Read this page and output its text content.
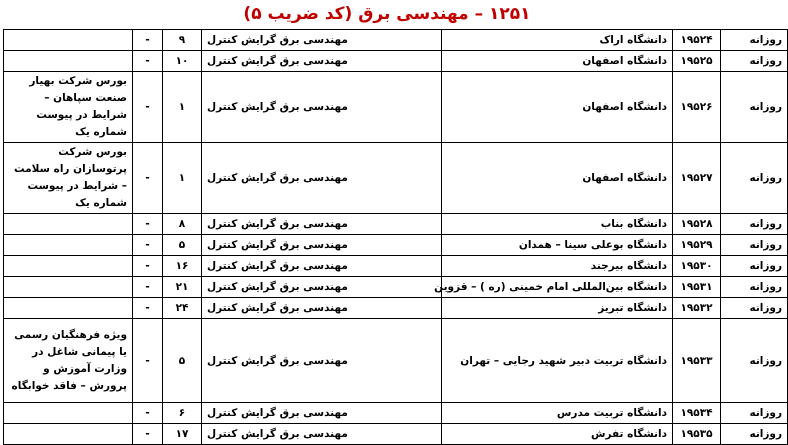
۱۲۵۱ – مهندسی برق (کد ضریب ۵)
روزانه	۱۹۵۲۴	دانشگاه اراک	مهندسی برق گرایش کنترل	۹	-	
روزانه	۱۹۵۲۵	دانشگاه اصفهان	مهندسی برق گرایش کنترل	۱۰	-	
روزانه	۱۹۵۲۶	دانشگاه اصفهان	مهندسی برق گرایش کنترل	۱	-	بورس شرکت بهیار صنعت سپاهان – شرایط در پیوست شماره یک
روزانه	۱۹۵۲۷	دانشگاه اصفهان	مهندسی برق گرایش کنترل	۱	-	بورس شرکت پرتوسازان راه سلامت – شرایط در پیوست شماره یک
روزانه	۱۹۵۲۸	دانشگاه بناب	مهندسی برق گرایش کنترل	۸	-	
روزانه	۱۹۵۲۹	دانشگاه بوعلی سینا – همدان	مهندسی برق گرایش کنترل	۵	-	
روزانه	۱۹۵۳۰	دانشگاه بیرجند	مهندسی برق گرایش کنترل	۱۶	-	
روزانه	۱۹۵۳۱	دانشگاه بین‌المللی امام خمینی (ره ) – قزوین	مهندسی برق گرایش کنترل	۲۱	-	
روزانه	۱۹۵۳۲	دانشگاه تبریز	مهندسی برق گرایش کنترل	۲۴	-	
روزانه	۱۹۵۳۳	دانشگاه تربیت دبیر شهید رجایی – تهران	مهندسی برق گرایش کنترل	۵	-	ویژه فرهنگیان رسمی یا پیمانی شاغل در وزارت آموزش و پرورش – فاقد خوابگاه
روزانه	۱۹۵۳۴	دانشگاه تربیت مدرس	مهندسی برق گرایش کنترل	۶	-	
روزانه	۱۹۵۳۵	دانشگاه تفرش	مهندسی برق گرایش کنترل	۱۷	-	
